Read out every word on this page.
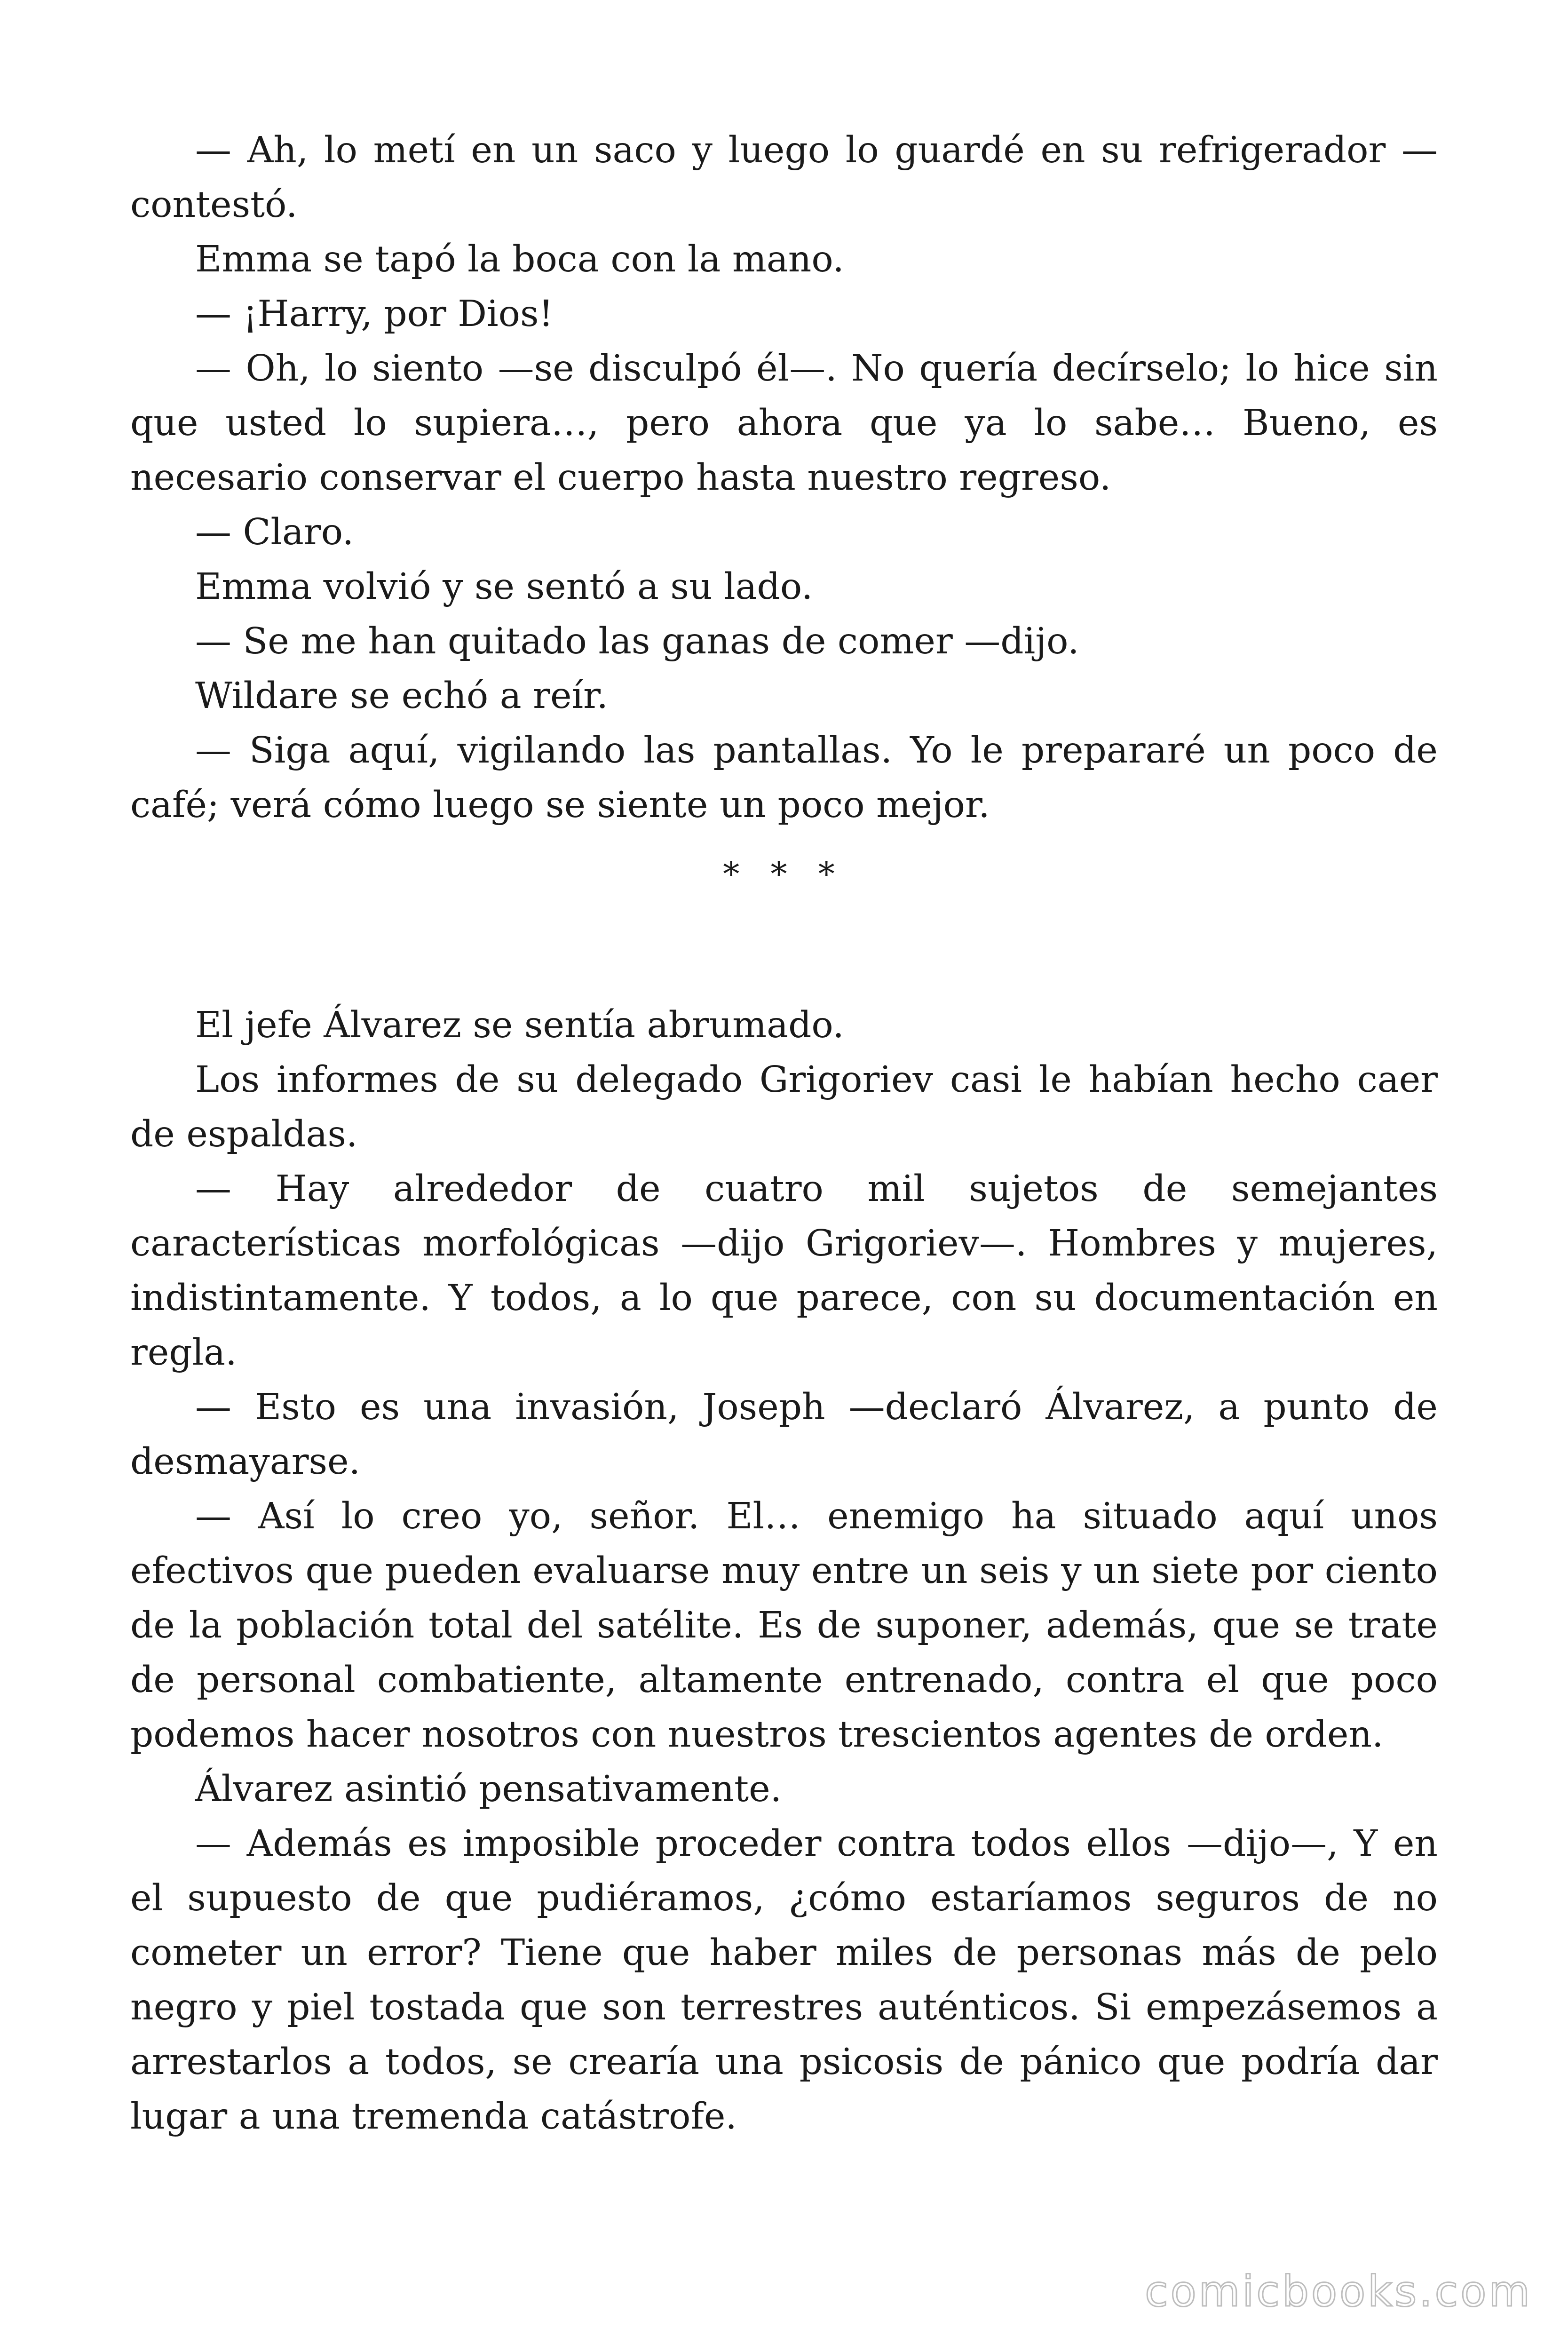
— Ah, lo metí en un saco y luego lo guardé en su refrigerador — contestó.

Emma se tapó la boca con la mano.

— ¡Harry, por Dios!

— Oh, lo siento —se disculpó él—. No quería decírselo; lo hice sin que usted lo supiera…, pero ahora que ya lo sabe… Bueno, es necesario conservar el cuerpo hasta nuestro regreso.

— Claro.

Emma volvió y se sentó a su lado.

— Se me han quitado las ganas de comer —dijo.

Wildare se echó a reír.

— Siga aquí, vigilando las pantallas. Yo le prepararé un poco de café; verá cómo luego se siente un poco mejor.

* * *

El jefe Álvarez se sentía abrumado.

Los informes de su delegado Grigoriev casi le habían hecho caer de espaldas.

— Hay alrededor de cuatro mil sujetos de semejantes características morfológicas —dijo Grigoriev—. Hombres y mujeres, indistintamente. Y todos, a lo que parece, con su documentación en regla.

— Esto es una invasión, Joseph —declaró Álvarez, a punto de desmayarse.

— Así lo creo yo, señor. El… enemigo ha situado aquí unos efectivos que pueden evaluarse muy entre un seis y un siete por ciento de la población total del satélite. Es de suponer, además, que se trate de personal combatiente, altamente entrenado, contra el que poco podemos hacer nosotros con nuestros trescientos agentes de orden.

Álvarez asintió pensativamente.

— Además es imposible proceder contra todos ellos —dijo—, Y en el supuesto de que pudiéramos, ¿cómo estaríamos seguros de no cometer un error? Tiene que haber miles de personas más de pelo negro y piel tostada que son terrestres auténticos. Si empezásemos a arrestarlos a todos, se crearía una psicosis de pánico que podría dar lugar a una tremenda catástrofe.

comicbooks.com
